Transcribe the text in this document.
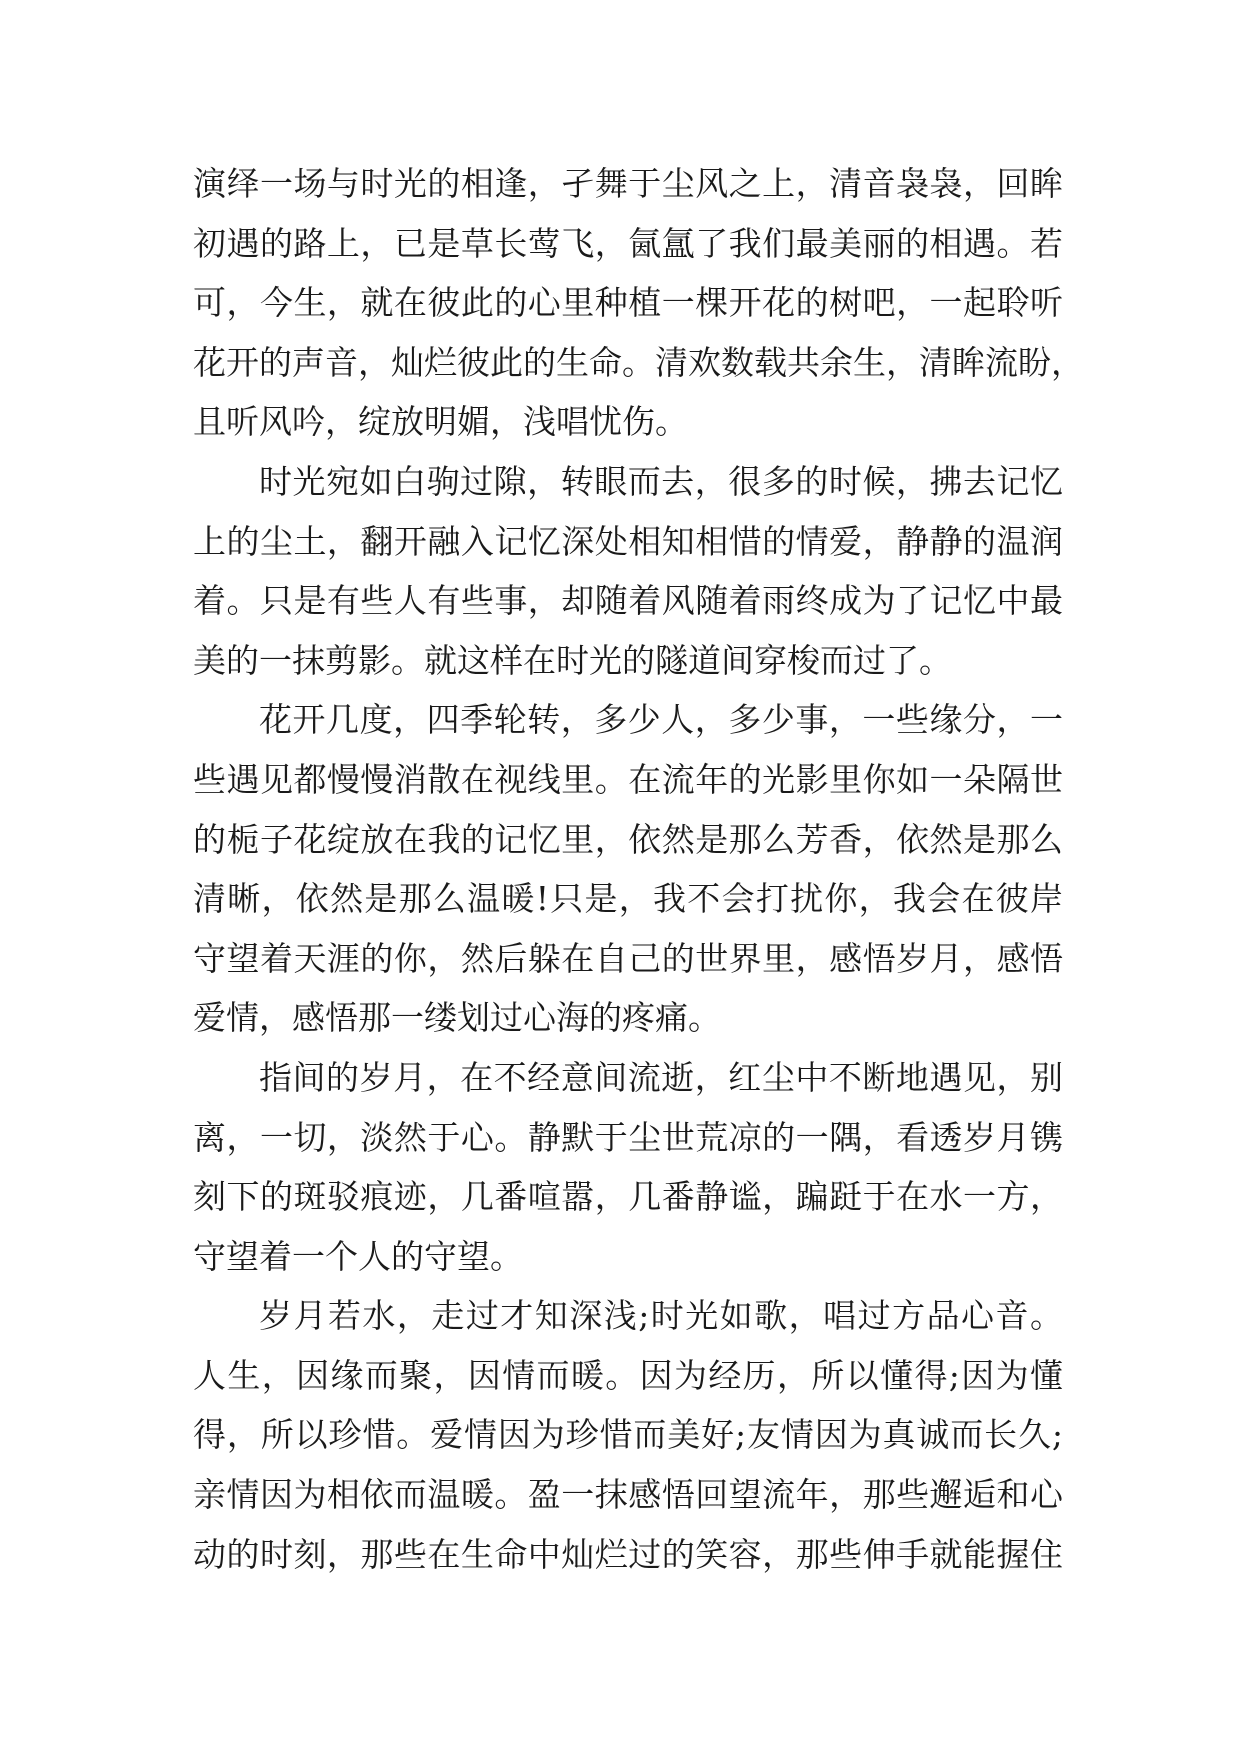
演绎一场与时光的相逢，孑舞于尘风之上，清音袅袅，回眸
初遇的路上，已是草长莺飞，氤氲了我们最美丽的相遇。若
可，今生，就在彼此的心里种植一棵开花的树吧，一起聆听
花开的声音，灿烂彼此的生命。清欢数载共余生，清眸流盼，
且听风吟，绽放明媚，浅唱忧伤。
时光宛如白驹过隙，转眼而去，很多的时候，拂去记忆
上的尘土，翻开融入记忆深处相知相惜的情爱，静静的温润
着。只是有些人有些事，却随着风随着雨终成为了记忆中最
美的一抹剪影。就这样在时光的隧道间穿梭而过了。
花开几度，四季轮转，多少人，多少事，一些缘分，一
些遇见都慢慢消散在视线里。在流年的光影里你如一朵隔世
的栀子花绽放在我的记忆里，依然是那么芳香，依然是那么
清晰，依然是那么温暖!只是，我不会打扰你，我会在彼岸
守望着天涯的你，然后躲在自己的世界里，感悟岁月，感悟
爱情，感悟那一缕划过心海的疼痛。
指间的岁月，在不经意间流逝，红尘中不断地遇见，别
离，一切，淡然于心。静默于尘世荒凉的一隅，看透岁月镌
刻下的斑驳痕迹，几番喧嚣，几番静谧，蹁跹于在水一方，
守望着一个人的守望。
岁月若水，走过才知深浅;时光如歌，唱过方品心音。
人生，因缘而聚，因情而暖。因为经历，所以懂得;因为懂
得，所以珍惜。爱情因为珍惜而美好;友情因为真诚而长久;
亲情因为相依而温暖。盈一抹感悟回望流年，那些邂逅和心
动的时刻，那些在生命中灿烂过的笑容，那些伸手就能握住
